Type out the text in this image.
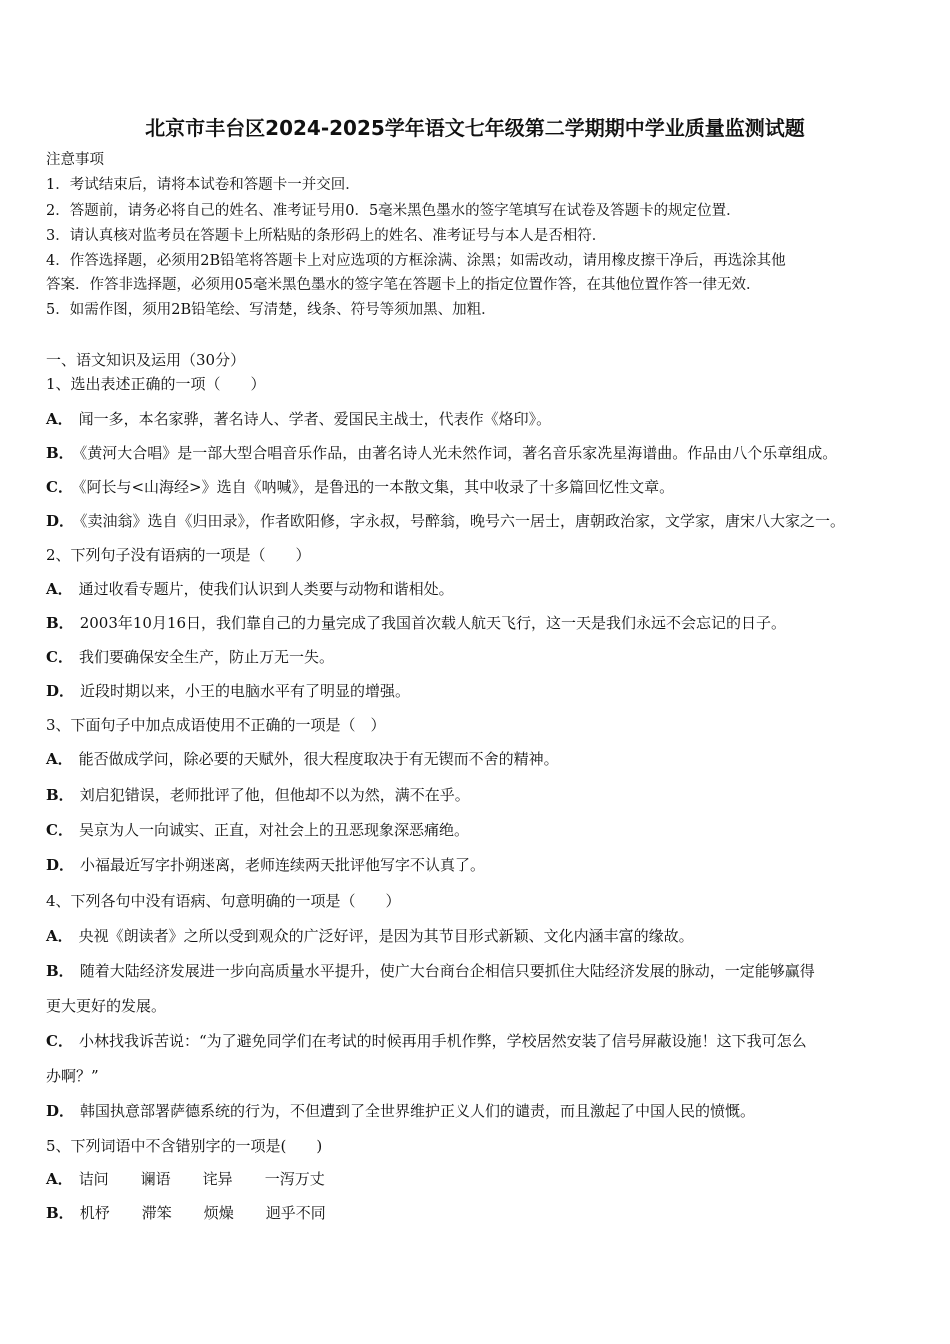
北京市丰台区2024-2025学年语文七年级第二学期期中学业质量监测试题
注意事项
1．考试结束后，请将本试卷和答题卡一并交回．
2．答题前，请务必将自己的姓名、准考证号用0．5毫米黑色墨水的签字笔填写在试卷及答题卡的规定位置．
3．请认真核对监考员在答题卡上所粘贴的条形码上的姓名、准考证号与本人是否相符．
4．作答选择题，必须用2B铅笔将答题卡上对应选项的方框涂满、涂黑；如需改动，请用橡皮擦干净后，再选涂其他
答案．作答非选择题，必须用05毫米黑色墨水的签字笔在答题卡上的指定位置作答，在其他位置作答一律无效．
5．如需作图，须用2B铅笔绘、写清楚，线条、符号等须加黑、加粗．
一、语文知识及运用（30分）
1、选出表述正确的一项（　　）
A． 闻一多，本名家骅，著名诗人、学者、爱国民主战士，代表作《烙印》。
B． 《黄河大合唱》是一部大型合唱音乐作品，由著名诗人光未然作词，著名音乐家冼星海谱曲。作品由八个乐章组成。
C． 《阿长与<山海经>》选自《呐喊》，是鲁迅的一本散文集，其中收录了十多篇回忆性文章。
D． 《卖油翁》选自《归田录》，作者欧阳修，字永叔，号醉翁，晚号六一居士，唐朝政治家，文学家，唐宋八大家之一。
2、下列句子没有语病的一项是（　　）
A． 通过收看专题片，使我们认识到人类要与动物和谐相处。
B． 2003年10月16日，我们靠自己的力量完成了我国首次载人航天飞行，这一天是我们永远不会忘记的日子。
C． 我们要确保安全生产，防止万无一失。
D． 近段时期以来，小王的电脑水平有了明显的增强。
3、下面句子中加点成语使用不正确的一项是（　）
A． 能否做成学问，除必要的天赋外，很大程度取决于有无锲而不舍的精神。
B． 刘启犯错误，老师批评了他，但他却不以为然，满不在乎。
C． 吴京为人一向诚实、正直，对社会上的丑恶现象深恶痛绝。
D． 小福最近写字扑朔迷离，老师连续两天批评他写字不认真了。
4、下列各句中没有语病、句意明确的一项是（　　）
A． 央视《朗读者》之所以受到观众的广泛好评，是因为其节目形式新颖、文化内涵丰富的缘故。
B． 随着大陆经济发展进一步向高质量水平提升，使广大台商台企相信只要抓住大陆经济发展的脉动，一定能够赢得
更大更好的发展。
C． 小林找我诉苦说：“为了避免同学们在考试的时候再用手机作弊，学校居然安装了信号屏蔽设施！这下我可怎么
办啊？”
D． 韩国执意部署萨德系统的行为，不但遭到了全世界维护正义人们的谴责，而且激起了中国人民的愤慨。
5、下列词语中不含错别字的一项是(　　)
A． 诘问 谰语 诧异 一泻万丈
B． 机杼 滞笨 烦燥 迥乎不同
